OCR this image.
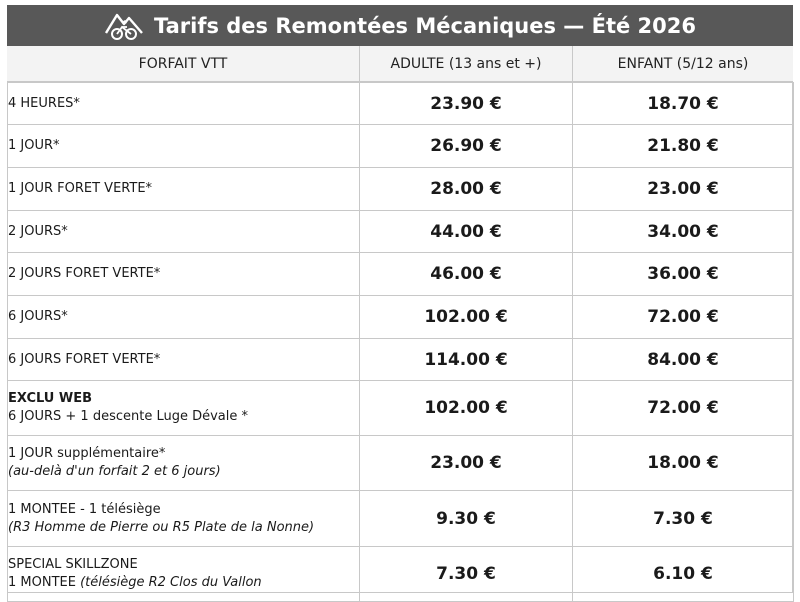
Tarifs des Remontées Mécaniques — Été 2026
FORFAIT VTT	ADULTE (13 ans et +)	ENFANT (5/12 ans)
4 HEURES*	23.90 €	18.70 €
1 JOUR*	26.90 €	21.80 €
1 JOUR FORET VERTE*	28.00 €	23.00 €
2 JOURS*	44.00 €	34.00 €
2 JOURS FORET VERTE*	46.00 €	36.00 €
6 JOURS*	102.00 €	72.00 €
6 JOURS FORET VERTE*	114.00 €	84.00 €

EXCLU WEB
6 JOURS + 1 descente Luge Dévale *	102.00 €	72.00 €

1 JOUR supplémentaire*
(au-delà d'un forfait 2 et 6 jours)	23.00 €	18.00 €

1 MONTEE - 1 télésiège
(R3 Homme de Pierre ou R5 Plate de la Nonne)	9.30 €	7.30 €

SPECIAL SKILLZONE
1 MONTEE (télésiège R2 Clos du Vallon	7.30 €	6.10 €
